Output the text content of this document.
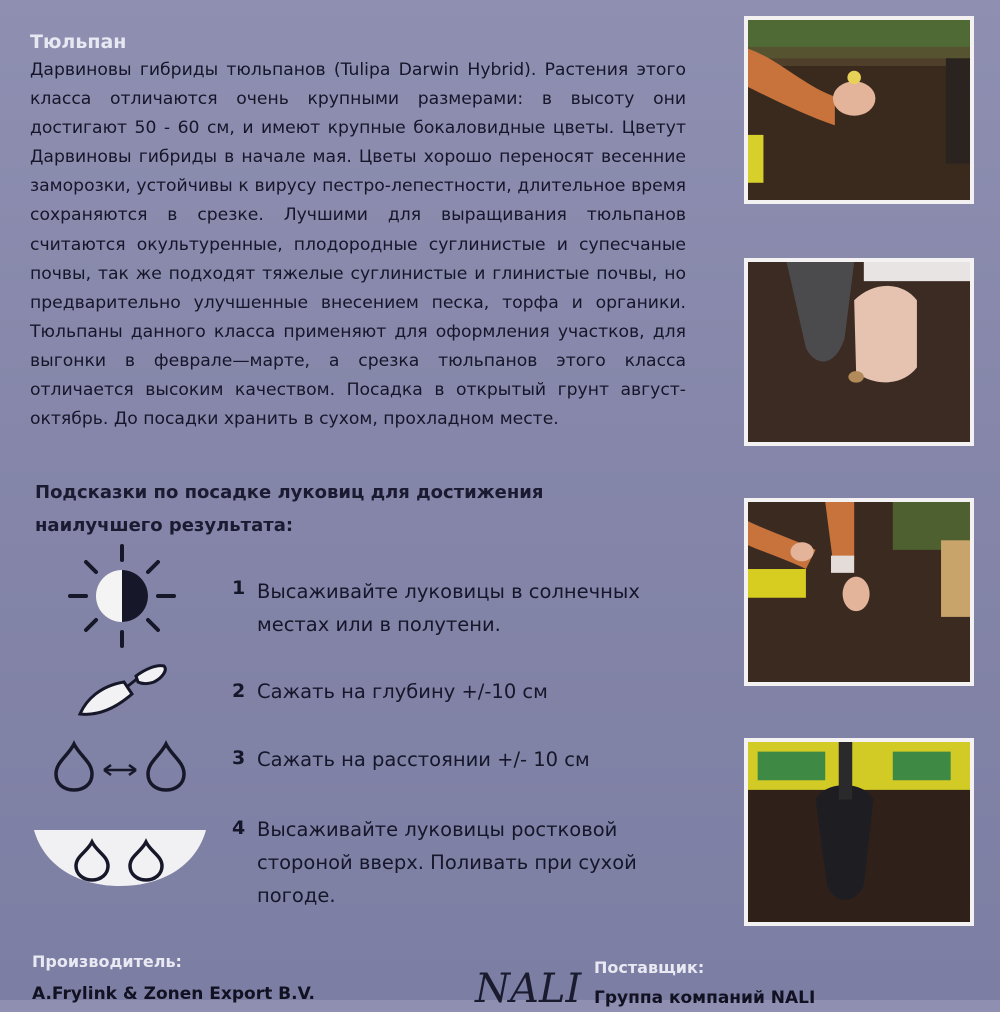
Тюльпан

Дарвиновы гибриды тюльпанов (Tulipa Darwin Hybrid). Растения этого класса отличаются очень крупными размерами: в высоту они достигают 50 - 60 см, и имеют крупные бокаловидные цветы. Цветут Дарвиновы гибриды в начале мая. Цветы хорошо переносят весенние заморозки, устойчивы к вирусу пестро-лепестности, длительное время сохраняются в срезке. Лучшими для выращивания тюльпанов считаются окультуренные, плодородные суглинистые и супесчаные почвы, так же подходят тяжелые суглинистые и глинистые почвы, но предварительно улучшенные внесением песка, торфа и органики. Тюльпаны данного класса применяют для оформления участков, для выгонки в феврале—марте, а срезка тюльпанов этого класса отличается высоким качеством. Посадка в открытый грунт август-октябрь. До посадки хранить в сухом, прохладном месте.

Подсказки по посадке луковиц для достижения
наилучшего результата:
1 Высаживайте луковицы в солнечных
местах или в полутени.
2 Сажать на глубину +/-10 см
3 Сажать на расстоянии +/- 10 см
4 Высаживайте луковицы ростковой
стороной вверх. Поливать при сухой
погоде.
Производитель:
A.Frylink & Zonen Export B.V.	NALI Поставщик:
Группа компаний NALI
